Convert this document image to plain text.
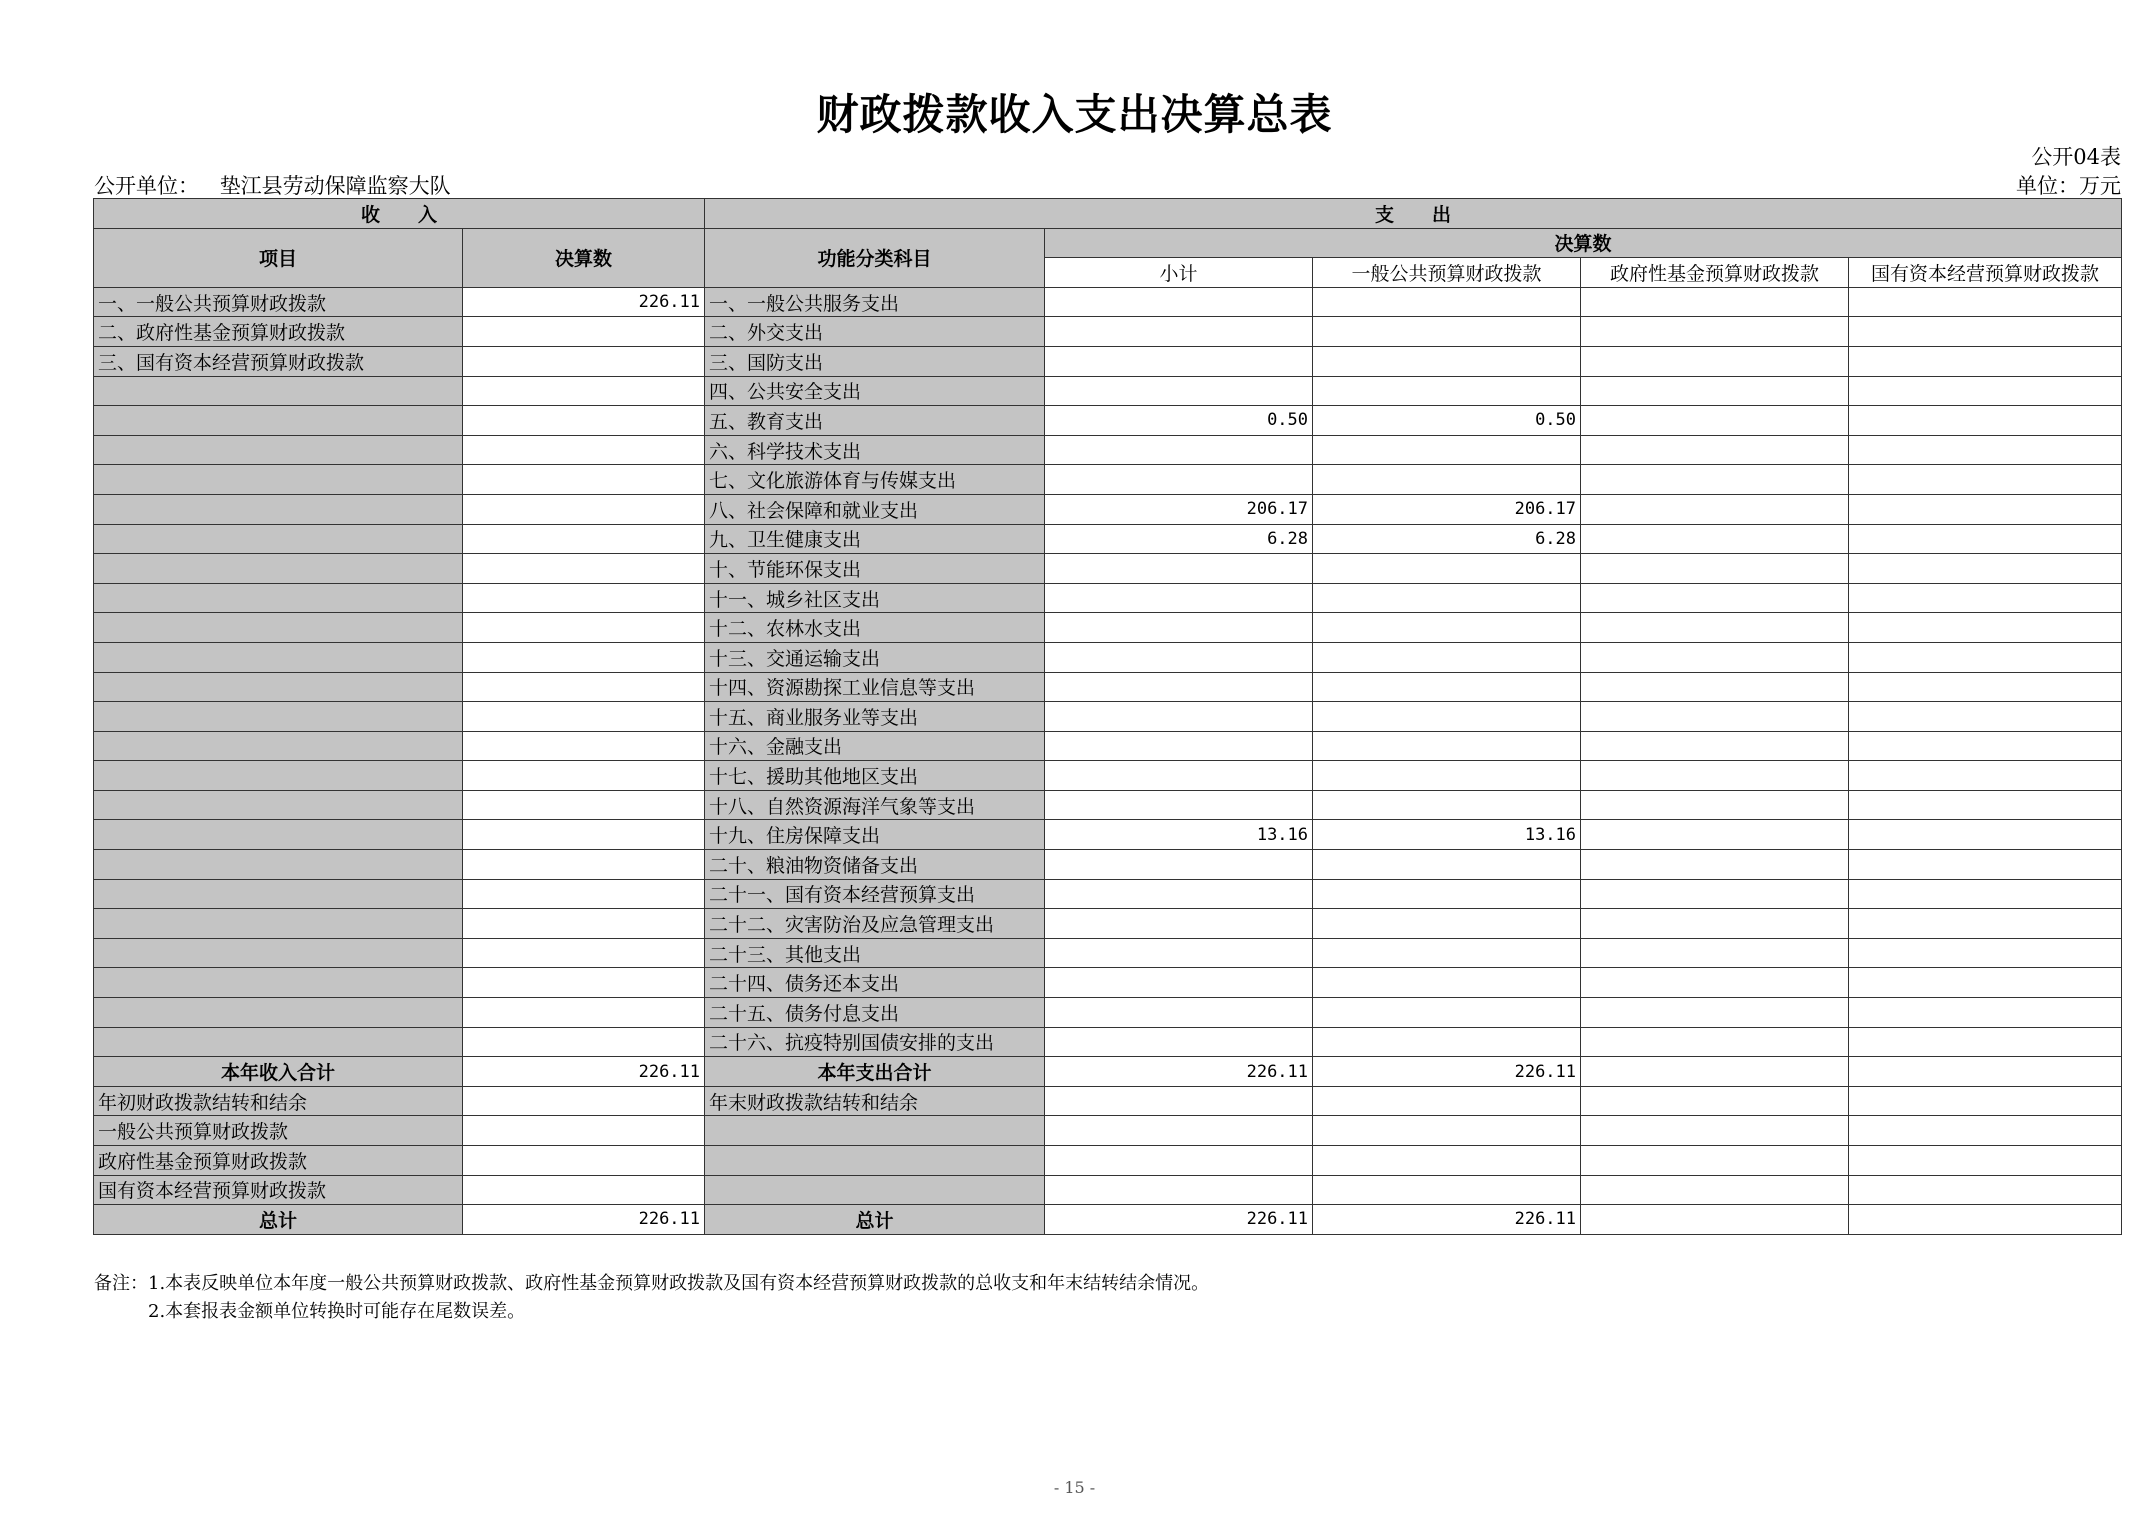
财政拨款收入支出决算总表
公开04表
公开单位： 垫江县劳动保障监察大队	单位：万元
收　　入		支　　出				
项目	决算数	功能分类科目	决算数			
			小计	一般公共预算财政拨款	政府性基金预算财政拨款	国有资本经营预算财政拨款
一、一般公共预算财政拨款	226.11	一、一般公共服务支出				
二、政府性基金预算财政拨款		二、外交支出				
三、国有资本经营预算财政拨款		三、国防支出				
		四、公共安全支出				
		五、教育支出	0.50	0.50		
		六、科学技术支出				
		七、文化旅游体育与传媒支出				
		八、社会保障和就业支出	206.17	206.17		
		九、卫生健康支出	6.28	6.28		
		十、节能环保支出				
		十一、城乡社区支出				
		十二、农林水支出				
		十三、交通运输支出				
		十四、资源勘探工业信息等支出				
		十五、商业服务业等支出				
		十六、金融支出				
		十七、援助其他地区支出				
		十八、自然资源海洋气象等支出				
		十九、住房保障支出	13.16	13.16		
		二十、粮油物资储备支出				
		二十一、国有资本经营预算支出				
		二十二、灾害防治及应急管理支出				
		二十三、其他支出				
		二十四、债务还本支出				
		二十五、债务付息支出				
		二十六、抗疫特别国债安排的支出				
本年收入合计	226.11	本年支出合计	226.11	226.11		
年初财政拨款结转和结余		年末财政拨款结转和结余				
一般公共预算财政拨款						
政府性基金预算财政拨款						
国有资本经营预算财政拨款						
总计	226.11	总计	226.11	226.11		
备注：1.本表反映单位本年度一般公共预算财政拨款、政府性基金预算财政拨款及国有资本经营预算财政拨款的总收支和年末结转结余情况。
2.本套报表金额单位转换时可能存在尾数误差。
- 15 -
